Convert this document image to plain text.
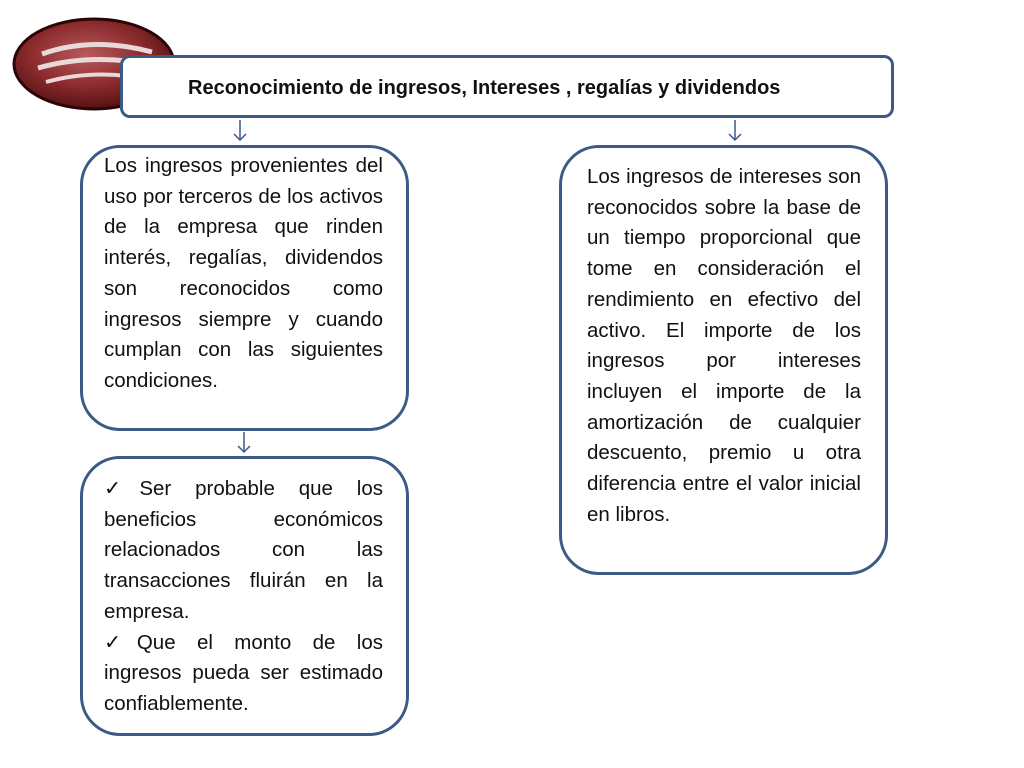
Reconocimiento de ingresos, Intereses , regalías y dividendos

Los ingresos provenientes del uso por terceros de los activos de la empresa que rinden interés, regalías, dividendos son reconocidos como ingresos siempre y cuando cumplan con las siguientes condiciones.

✓Ser probable que los beneficios económicos relacionados con las transacciones fluirán en la empresa.
✓Que el monto de los ingresos pueda ser estimado confiablemente.

Los ingresos de intereses son reconocidos sobre la base de un tiempo proporcional que tome en consideración el rendimiento en efectivo del activo. El importe de los ingresos por intereses incluyen el importe de la amortización de cualquier descuento, premio u otra diferencia entre el valor inicial en libros.
